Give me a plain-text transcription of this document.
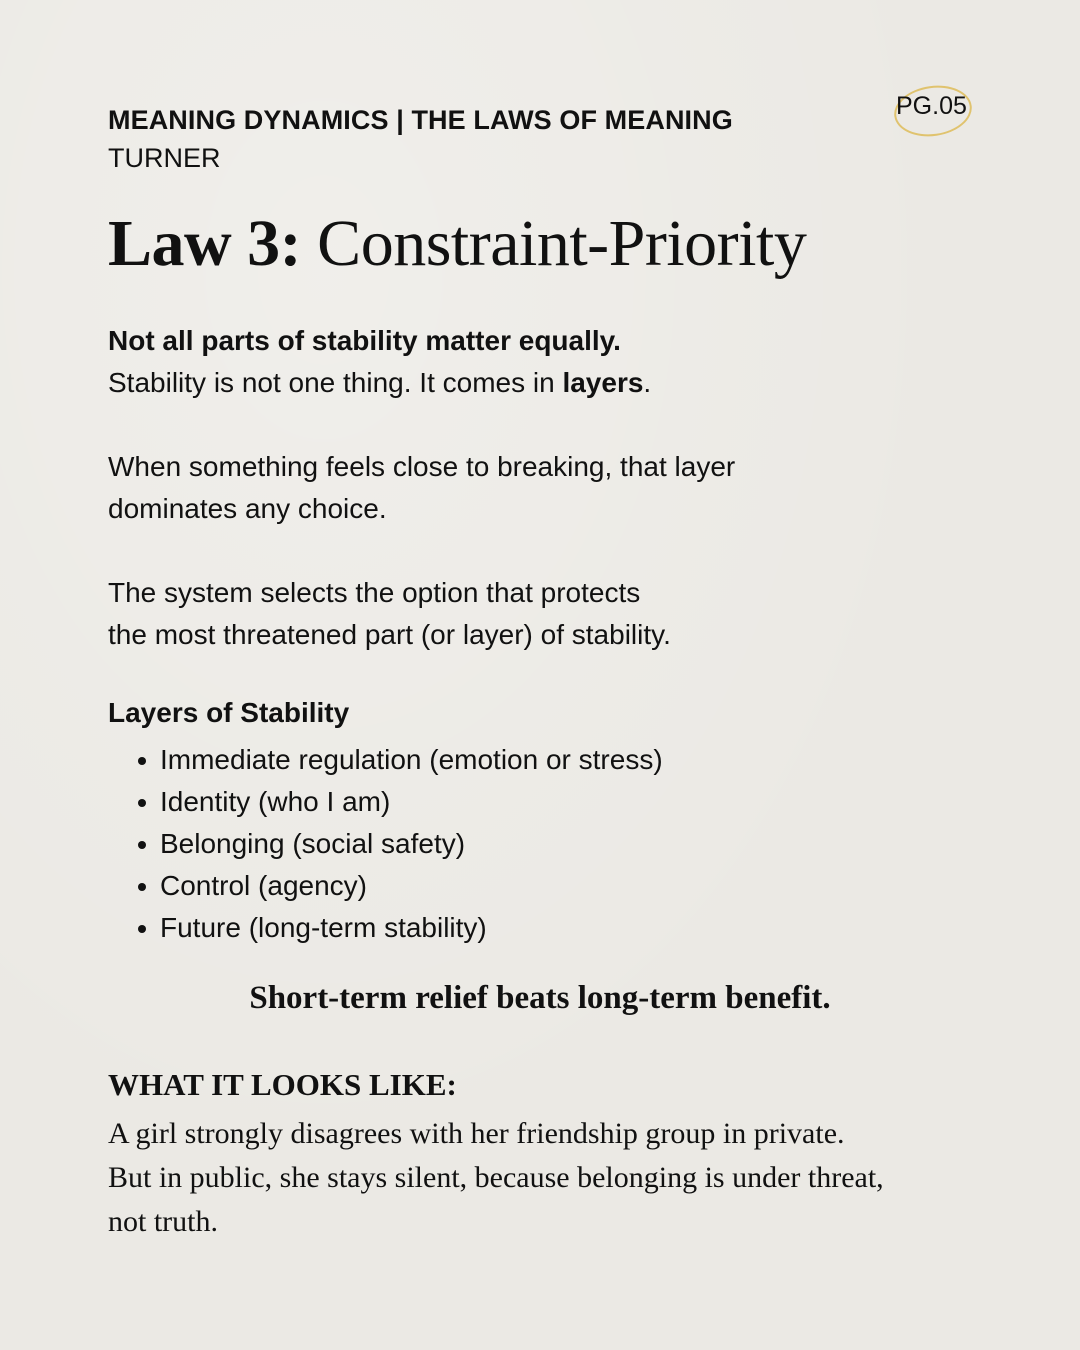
MEANING DYNAMICS | THE LAWS OF MEANING
TURNER
PG.05
Law 3: Constraint-Priority
Not all parts of stability matter equally.
Stability is not one thing. It comes in layers.
When something feels close to breaking, that layer
dominates any choice.
The system selects the option that protects
the most threatened part (or layer) of stability.
Layers of Stability
Immediate regulation (emotion or stress)
Identity (who I am)
Belonging (social safety)
Control (agency)
Future (long-term stability)
Short-term relief beats long-term benefit.
WHAT IT LOOKS LIKE:
A girl strongly disagrees with her friendship group in private.
But in public, she stays silent, because belonging is under threat,
not truth.
